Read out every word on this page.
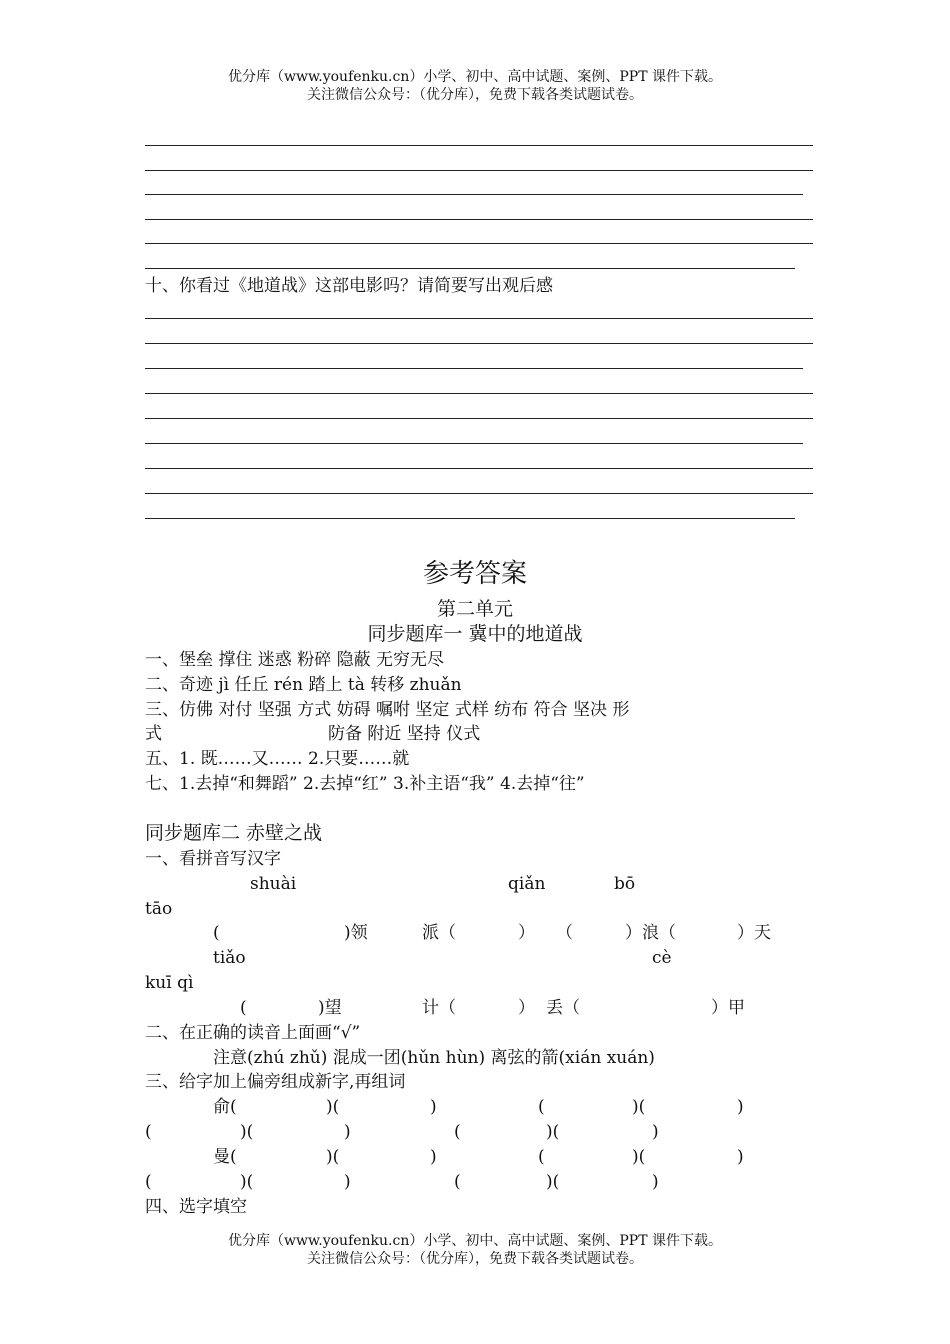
优分库（www.youfenku.cn）小学、初中、高中试题、案例、PPT 课件下载。
关注微信公众号：（优分库），免费下载各类试题试卷。
十、你看过《地道战》这部电影吗？请简要写出观后感
参考答案
第二单元
同步题库一 冀中的地道战
一、堡垒 撑住 迷惑 粉碎 隐蔽 无穷无尽
二、奇迹 jì 任丘 rén 踏上 tà 转移 zhuǎn
三、仿佛 对付 坚强 方式 妨碍 嘱咐 坚定 式样 纺布 符合 坚决 形
式	防备 附近 坚持 仪式
五、1. 既……又…… 2.只要……就
七、1.去掉“和舞蹈” 2.去掉“红” 3.补主语“我” 4.去掉“往”
同步题库二 赤壁之战
一、看拼音写汉字
shuài	qiǎn	bō
tāo
(	)领	派（	） （	）浪（	）天
tiǎo	cè
kuī qì
(	)望	计（	） 丢（	）甲
二、在正确的读音上面画“√”
注意(zhú zhǔ) 混成一团(hǔn hùn) 离弦的箭(xián xuán)
三、给字加上偏旁组成新字,再组词
俞(	)(	)	(	)(	)
(	)(	)	(	)(	)
曼(	)(	)	(	)(	)
(	)(	)	(	)(	)
四、选字填空
优分库（www.youfenku.cn）小学、初中、高中试题、案例、PPT 课件下载。
关注微信公众号：（优分库），免费下载各类试题试卷。
